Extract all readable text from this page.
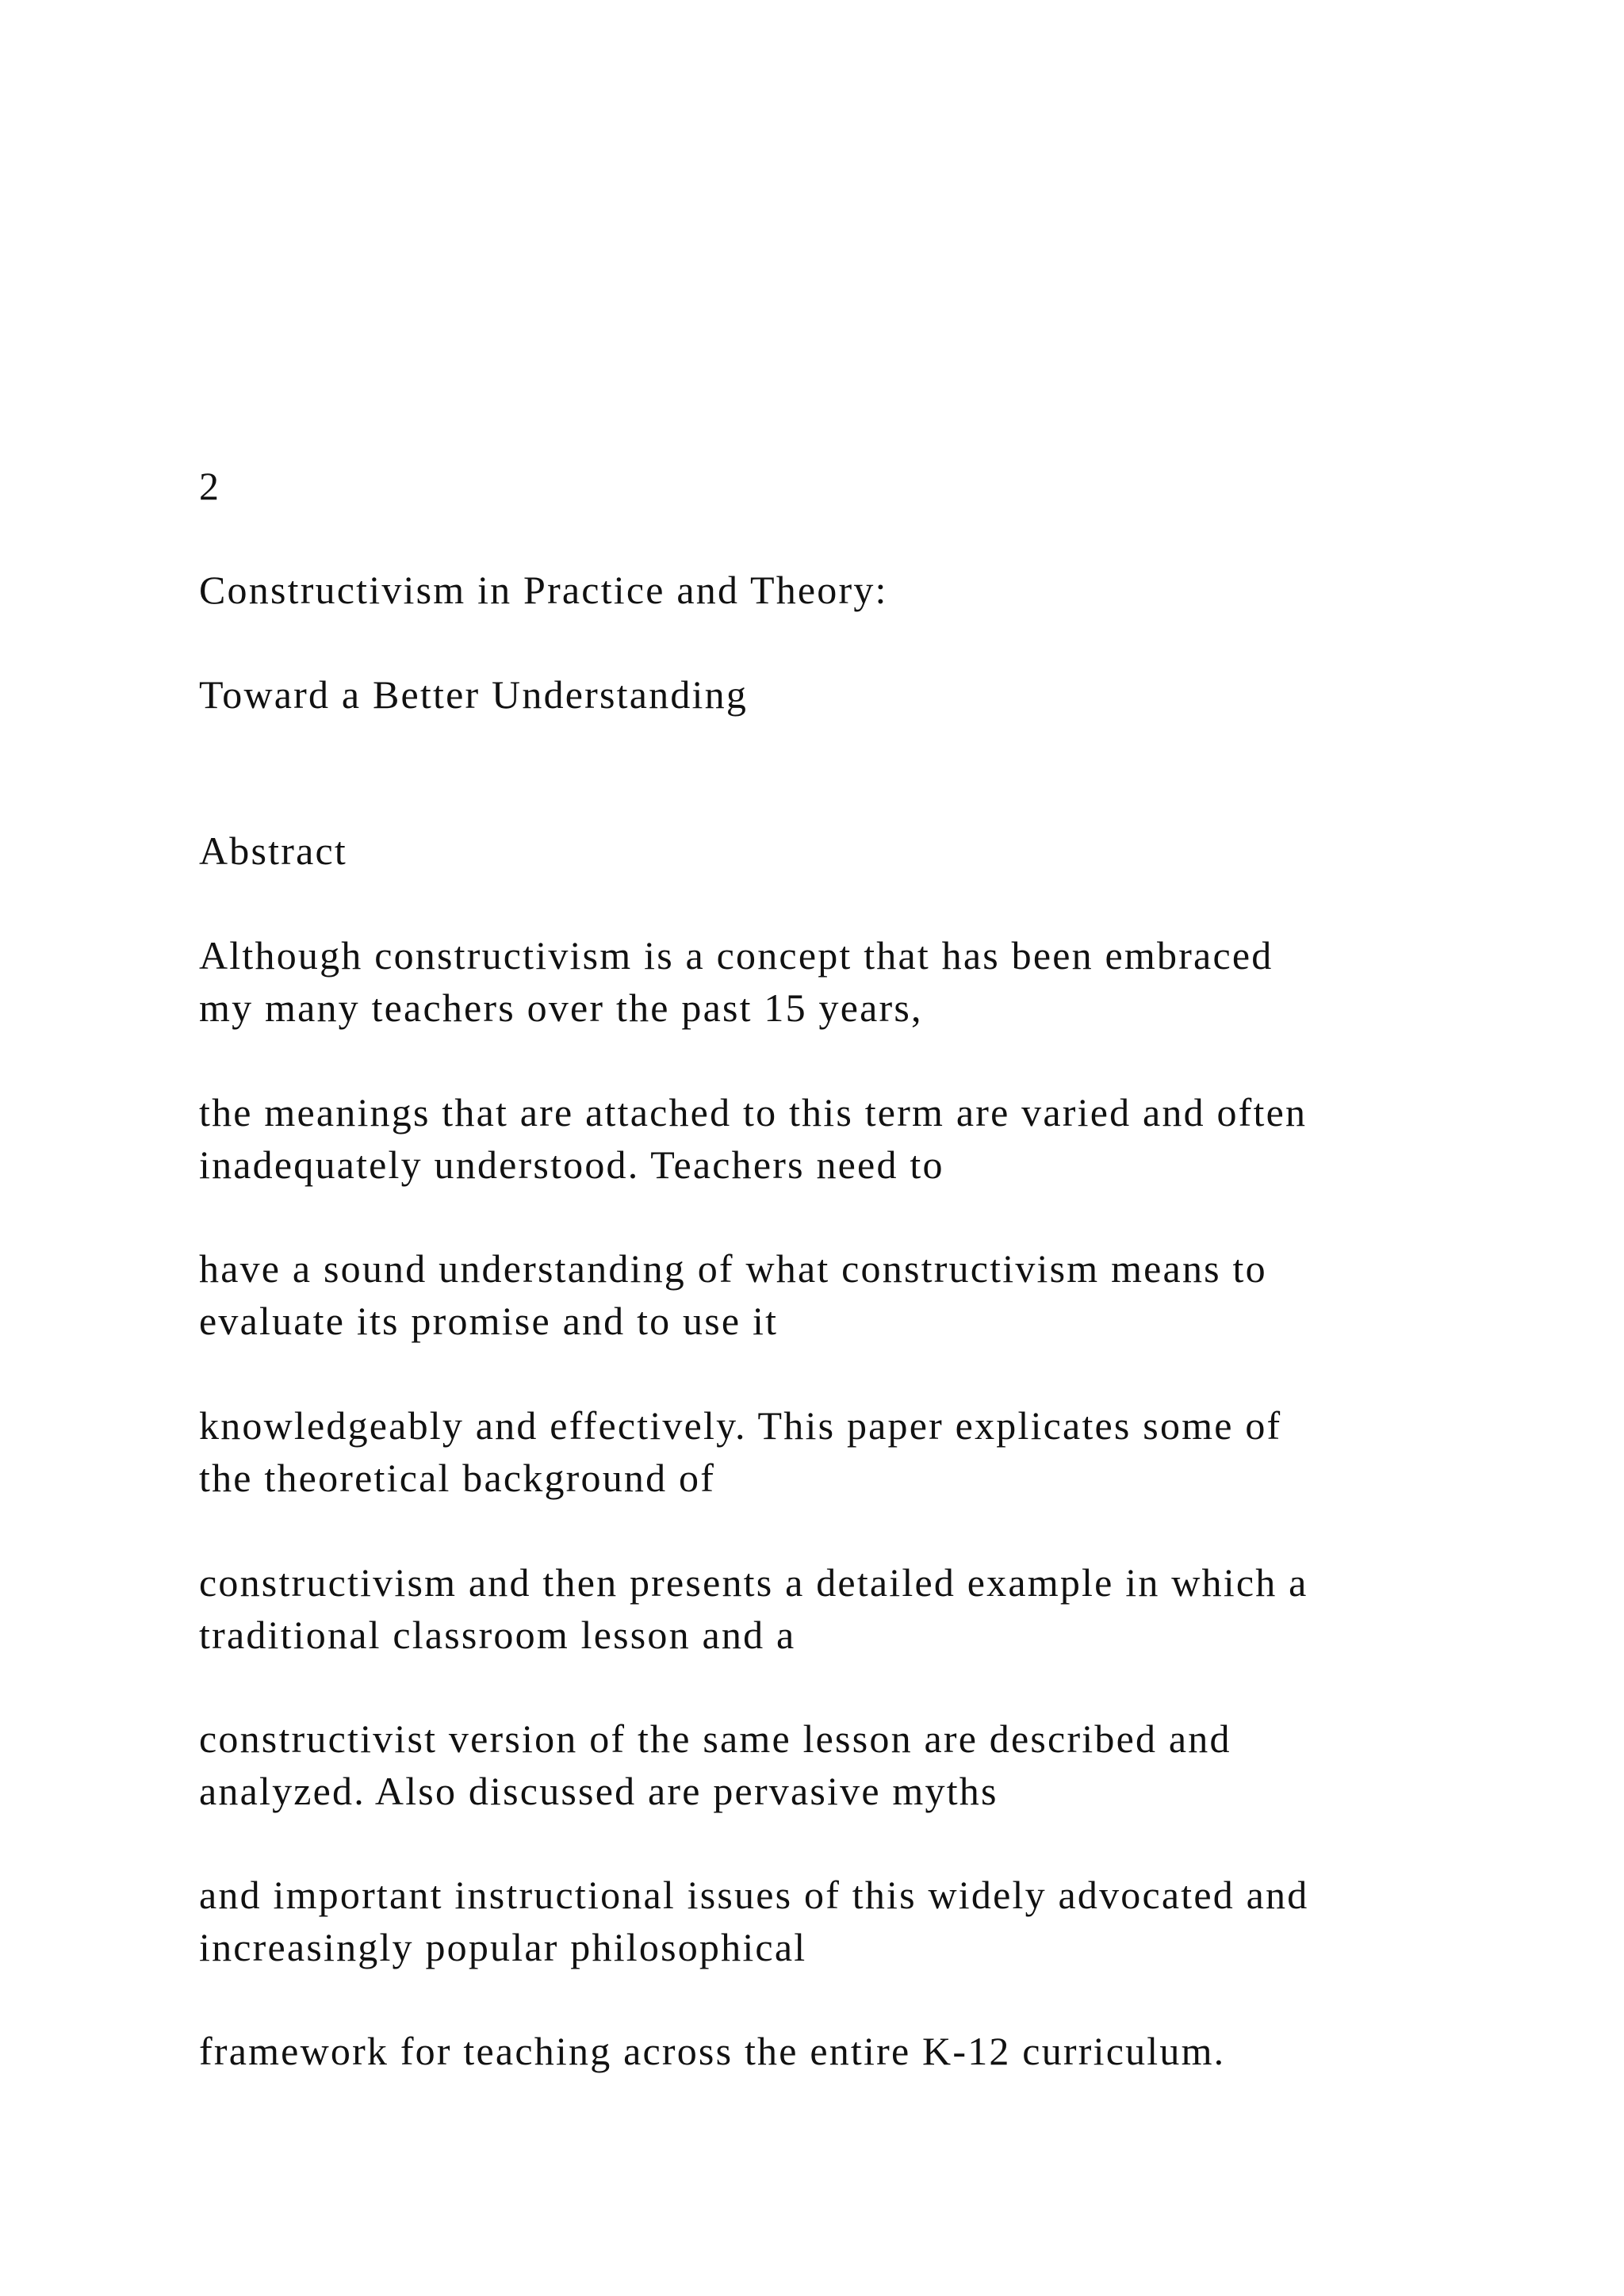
2
Constructivism in Practice and Theory:
Toward a Better Understanding
Abstract
Although constructivism is a concept that has been embraced
my many teachers over the past 15 years,
the meanings that are attached to this term are varied and often
inadequately understood. Teachers need to
have a sound understanding of what constructivism means to
evaluate its promise and to use it
knowledgeably and effectively. This paper explicates some of
the theoretical background of
constructivism and then presents a detailed example in which a
traditional classroom lesson and a
constructivist version of the same lesson are described and
analyzed. Also discussed are pervasive myths
and important instructional issues of this widely advocated and
increasingly popular philosophical
framework for teaching across the entire K-12 curriculum.
